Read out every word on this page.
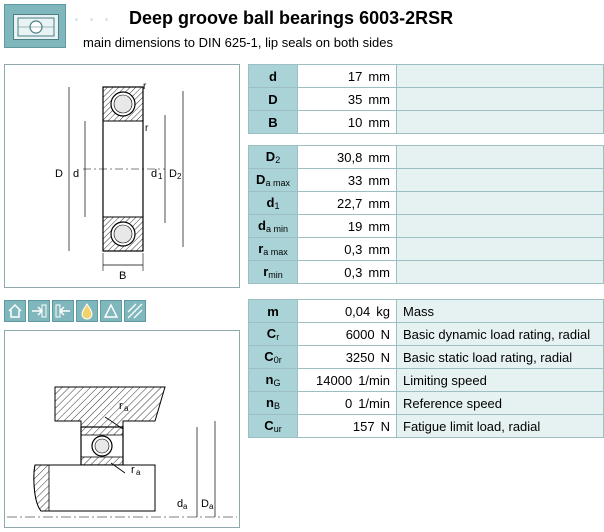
· · · Deep groove ball bearings 6003-2RSR
main dimensions to DIN 625-1, lip seals on both sides
D d	d 1 D 2
r
r
B
r a
r a
d a D a
d	17 mm	
D	35 mm	
B	10 mm	
$D_2$	30,8 mm	
$D_{a max}$	33 mm	
$d_1$	22,7 mm	
$d_{a min}$	19 mm	
$r_{a max}$	0,3 mm	
$r_{min}$	0,3 mm	
m	0,04 kg	Mass
$C_r$	6000 N	Basic dynamic load rating, radial
$C_{0r}$	3250 N	Basic static load rating, radial
$n_G$	14000 1/min	Limiting speed
$n_B$	0 1/min	Reference speed
$C_{ur}$	157 N	Fatigue limit load, radial
